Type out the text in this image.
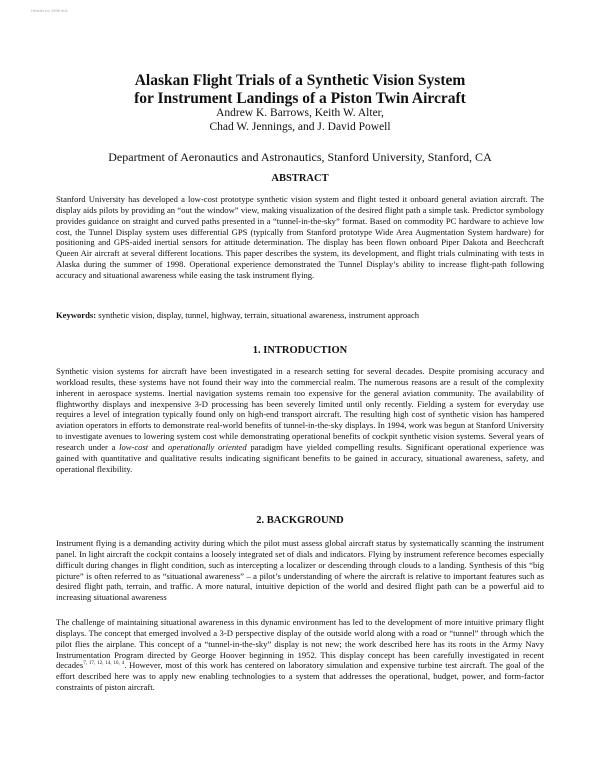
Header for 1998 text
Alaskan Flight Trials of a Synthetic Vision System
for Instrument Landings of a Piston Twin Aircraft
Andrew K. Barrows, Keith W. Alter,
Chad W. Jennings, and J. David Powell
Department of Aeronautics and Astronautics, Stanford University, Stanford, CA
ABSTRACT

Stanford University has developed a low-cost prototype synthetic vision system and flight tested it onboard general aviation aircraft. The display aids pilots by providing an “out the window” view, making visualization of the desired flight path a simple task. Predictor symbology provides guidance on straight and curved paths presented in a “tunnel-in-the-sky” format. Based on commodity PC hardware to achieve low cost, the Tunnel Display system uses differential GPS (typically from Stanford prototype Wide Area Augmentation System hardware) for positioning and GPS-aided inertial sensors for attitude determination. The display has been flown onboard Piper Dakota and Beechcraft Queen Air aircraft at several different locations. This paper describes the system, its development, and flight trials culminating with tests in Alaska during the summer of 1998. Operational experience demonstrated the Tunnel Display’s ability to increase flight-path following accuracy and situational awareness while easing the task instrument flying.

Keywords: synthetic vision, display, tunnel, highway, terrain, situational awareness, instrument approach

1. INTRODUCTION

Synthetic vision systems for aircraft have been investigated in a research setting for several decades. Despite promising accuracy and workload results, these systems have not found their way into the commercial realm. The numerous reasons are a result of the complexity inherent in aerospace systems. Inertial navigation systems remain too expensive for the general aviation community. The availability of flightworthy displays and inexpensive 3-D processing has been severely limited until only recently. Fielding a system for everyday use requires a level of integration typically found only on high-end transport aircraft. The resulting high cost of synthetic vision has hampered aviation operators in efforts to demonstrate real-world benefits of tunnel-in-the-sky displays. In 1994, work was begun at Stanford University to investigate avenues to lowering system cost while demonstrating operational benefits of cockpit synthetic vision systems. Several years of research under a low-cost and operationally oriented paradigm have yielded compelling results. Significant operational experience was gained with quantitative and qualitative results indicating significant benefits to be gained in accuracy, situational awareness, safety, and operational flexibility.

2. BACKGROUND

Instrument flying is a demanding activity during which the pilot must assess global aircraft status by systematically scanning the instrument panel. In light aircraft the cockpit contains a loosely integrated set of dials and indicators. Flying by instrument reference becomes especially difficult during changes in flight condition, such as intercepting a localizer or descending through clouds to a landing. Synthesis of this “big picture” is often referred to as “situational awareness” – a pilot’s understanding of where the aircraft is relative to important features such as desired flight path, terrain, and traffic. A more natural, intuitive depiction of the world and desired flight path can be a powerful aid to increasing situational awareness

The challenge of maintaining situational awareness in this dynamic environment has led to the development of more intuitive primary flight displays. The concept that emerged involved a 3-D perspective display of the outside world along with a road or “tunnel” through which the pilot flies the airplane. This concept of a “tunnel-in-the-sky” display is not new; the work described here has its roots in the Army Navy Instrumentation Program directed by George Hoover beginning in 1952. This display concept has been carefully investigated in recent decades$^{7, 17, 12, 14, 16, 4}$. However, most of this work has centered on laboratory simulation and expensive turbine test aircraft. The goal of the effort described here was to apply new enabling technologies to a system that addresses the operational, budget, power, and form-factor constraints of piston aircraft.
